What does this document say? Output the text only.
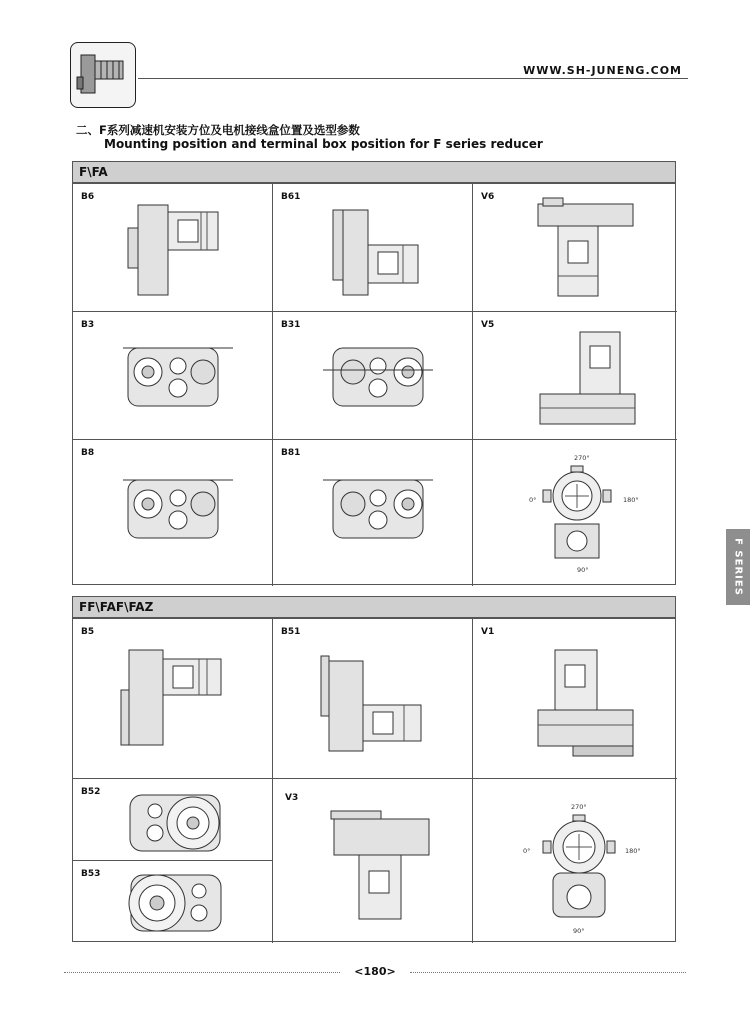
WWW.SH-JUNENG.COM
二、F系列减速机安装方位及电机接线盒位置及选型参数
Mounting position and terminal box position for F series reducer
F\FA
B6	B61	V6
B3	B31	V5
B8	B81	270°
0°	180°
90°
FF\FAF\FAZ
B5	B51	V1
B52
B53
V3
270°
0°	180°
90°
F SERIES
<180>
